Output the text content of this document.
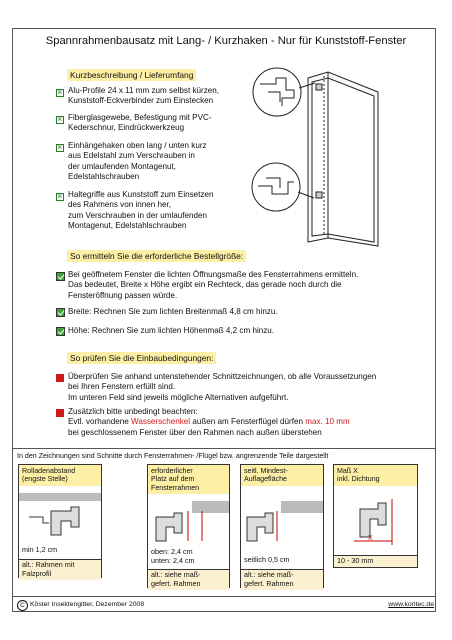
Spannrahmenbausatz mit Lang- / Kurzhaken - Nur für Kunststoff-Fenster
Kurzbeschreibung / Lieferumfang
×
Alu-Profile 24 x 11 mm zum selbst kürzen,
Kunststoff-Eckverbinder zum Einstecken
×
Fiberglasgewebe, Befestigung mit PVC-
Kederschnur, Eindrückwerkzeug
×
Einhängehaken oben lang / unten kurz
aus Edelstahl zum Verschrauben in
der umlaufenden Montagenut,
Edelstahlschrauben
×
Haltegriffe aus Kunststoff zum Einsetzen
des Rahmens von innen her,
zum Verschrauben in der umlaufenden
Montagenut, Edelstahlschrauben
So ermitteln Sie die erforderliche Bestellgröße:
Bei geöffnetem Fenster die lichten Öffnungsmaße des Fensterrahmens ermitteln.
Das bedeutet, Breite x Höhe ergibt ein Rechteck, das gerade noch durch die
Fensteröffnung passen würde.
Breite: Rechnen Sie zum lichten Breitenmaß 4,8 cm hinzu.
Höhe: Rechnen Sie zum lichten Höhenmaß 4,2 cm hinzu.
So prüfen Sie die Einbaubedingungen:
Überprüfen Sie anhand untenstehender Schnittzeichnungen, ob alle Voraussetzungen
bei Ihren Fenstern erfüllt sind.
Im unteren Feld sind jeweils mögliche Alternativen aufgeführt.
Zusätzlich bitte unbedingt beachten:
Evtl. vorhandene Wasserschenkel außen am Fensterflügel dürfen max. 10 mm
bei geschlossenem Fenster über den Rahmen nach außen überstehen
In den Zeichnungen sind Schnitte durch Fensterrahmen- /Flügel bzw. angrenzende Teile dargestellt
Rolladenabstand
(engste Stelle)
min 1,2 cm
alt.: Rahmen mit
Falzprofil
erforderlicher
Platz auf dem
Fensterrahmen
oben: 2,4 cm
unten: 2,4 cm
alt.: siehe maß-
gefert. Rahmen
seitl. Mindest-
Auflagefläche
seitlich 0,5 cm
alt.: siehe maß-
gefert. Rahmen
Maß X
inkl. Dichtung
X
10 - 30 mm
C Köster Insektengitter, Dezember 2008	www.koritec.de
